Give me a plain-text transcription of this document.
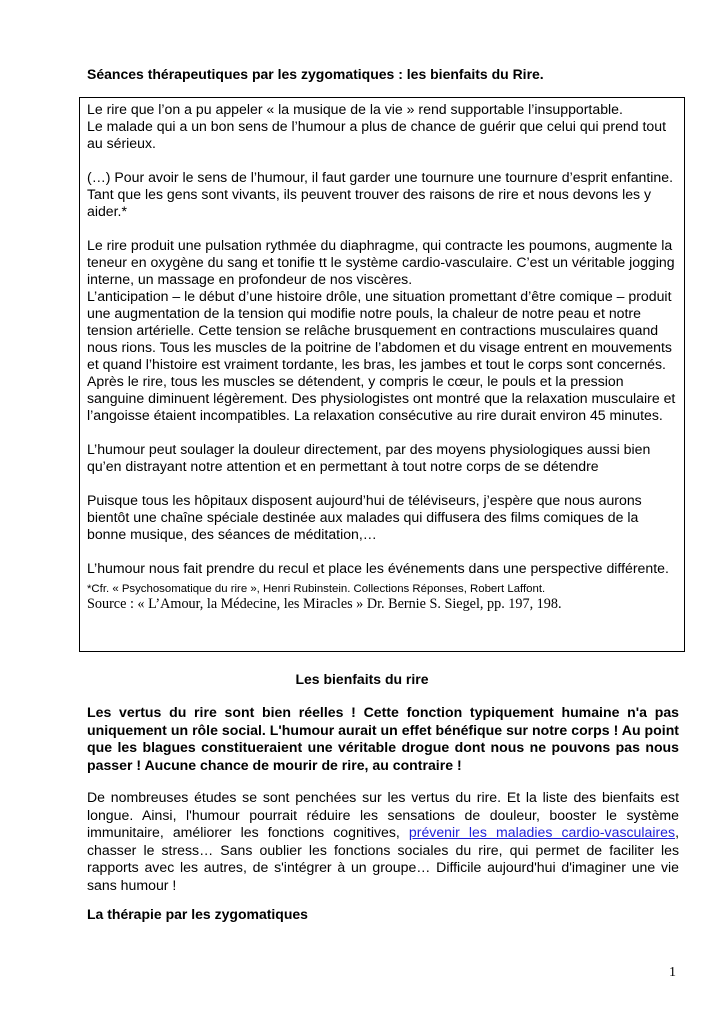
Séances thérapeutiques par les zygomatiques : les bienfaits du Rire.

Le rire que l’on a pu appeler « la musique de la vie » rend supportable l’insupportable.

Le malade qui a un bon sens de l’humour a plus de chance de guérir que celui qui prend tout au sérieux.

(…) Pour avoir le sens de l’humour, il faut garder une tournure une tournure d’esprit enfantine. Tant que les gens sont vivants, ils peuvent trouver des raisons de rire et nous devons les y aider.*

Le rire produit une pulsation rythmée du diaphragme, qui contracte les poumons, augmente la teneur en oxygène du sang et tonifie tt le système cardio-vasculaire. C’est un véritable jogging interne, un massage en profondeur de nos viscères.

L’anticipation – le début d’une histoire drôle, une situation promettant d’être comique – produit une augmentation de la tension qui modifie notre pouls, la chaleur de notre peau et notre tension artérielle. Cette tension se relâche brusquement en contractions musculaires quand nous rions. Tous les muscles de la poitrine de l’abdomen et du visage entrent en mouvements et quand l’histoire est vraiment tordante, les bras, les jambes et tout le corps sont concernés. Après le rire, tous les muscles se détendent, y compris le cœur, le pouls et la pression sanguine diminuent légèrement. Des physiologistes ont montré que la relaxation musculaire et l’angoisse étaient incompatibles. La relaxation consécutive au rire durait environ 45 minutes.

L’humour peut soulager la douleur directement, par des moyens physiologiques aussi bien qu’en distrayant notre attention et en permettant à tout notre corps de se détendre

Puisque tous les hôpitaux disposent aujourd’hui de téléviseurs, j’espère que nous aurons bientôt une chaîne spéciale destinée aux malades qui diffusera des films comiques de la bonne musique, des séances de méditation,…

L’humour nous fait prendre du recul et place les événements dans une perspective différente.

*Cfr. « Psychosomatique du rire », Henri Rubinstein. Collections Réponses, Robert Laffont.

Source : « L’Amour, la Médecine, les Miracles » Dr. Bernie S. Siegel, pp. 197, 198.

Les bienfaits du rire
Les vertus du rire sont bien réelles ! Cette fonction typiquement humaine n'a pas uniquement un rôle social. L'humour aurait un effet bénéfique sur notre corps ! Au point que les blagues constitueraient une véritable drogue dont nous ne pouvons pas nous passer ! Aucune chance de mourir de rire, au contraire !
De nombreuses études se sont penchées sur les vertus du rire. Et la liste des bienfaits est longue. Ainsi, l'humour pourrait réduire les sensations de douleur, booster le système immunitaire, améliorer les fonctions cognitives, prévenir les maladies cardio-vasculaires, chasser le stress… Sans oublier les fonctions sociales du rire, qui permet de faciliter les rapports avec les autres, de s'intégrer à un groupe… Difficile aujourd'hui d'imaginer une vie sans humour !
La thérapie par les zygomatiques
1
